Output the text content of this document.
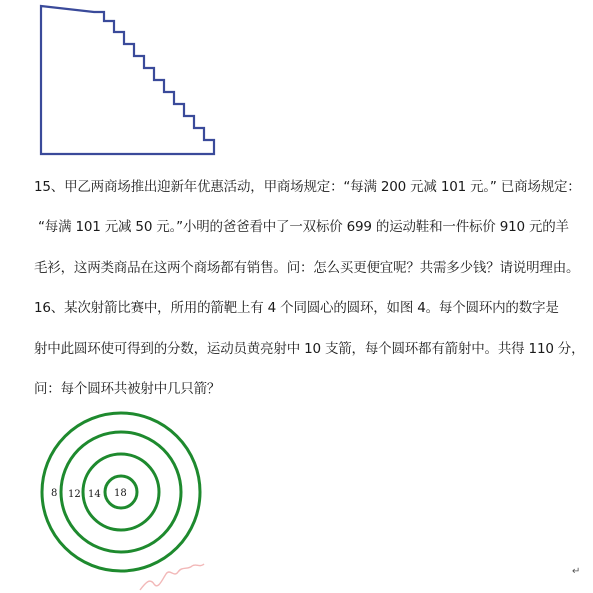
15、甲乙两商场推出迎新年优惠活动，甲商场规定：“每满 200 元减 101 元。” 已商场规定：
“每满 101 元减 50 元。”小明的爸爸看中了一双标价 699 的运动鞋和一件标价 910 元的羊
毛衫，这两类商品在这两个商场都有销售。问：怎么买更便宜呢？共需多少钱？请说明理由。
16、某次射箭比赛中，所用的箭靶上有 4 个同圆心的圆环，如图 4。每个圆环内的数字是
射中此圆环使可得到的分数，运动员黄亮射中 10 支箭，每个圆环都有箭射中。共得 110 分，
问：每个圆环共被射中几只箭？
8 12 14 18
↵
